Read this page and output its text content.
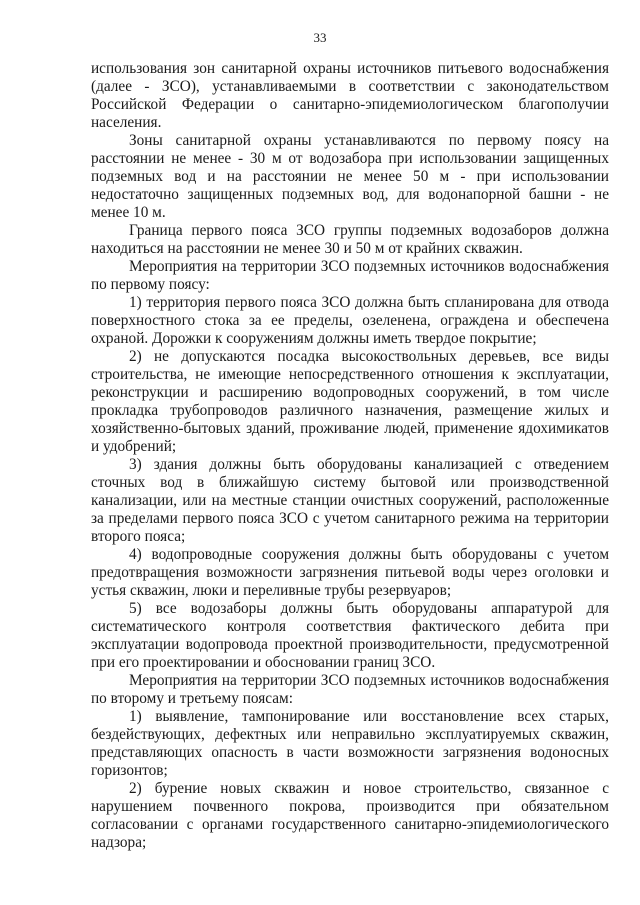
33

использования зон санитарной охраны источников питьевого водоснабжения (далее - ЗСО), устанавливаемыми в соответствии с законодательством Российской Федерации о санитарно-эпидемиологическом благополучии населения.

Зоны санитарной охраны устанавливаются по первому поясу на расстоянии не менее - 30 м от водозабора при использовании защищенных подземных вод и на расстоянии не менее 50 м - при использовании недостаточно защищенных подземных вод, для водонапорной башни - не менее 10 м.

Граница первого пояса ЗСО группы подземных водозаборов должна находиться на расстоянии не менее 30 и 50 м от крайних скважин.

Мероприятия на территории ЗСО подземных источников водоснабжения по первому поясу:

1) территория первого пояса ЗСО должна быть спланирована для отвода поверхностного стока за ее пределы, озеленена, ограждена и обеспечена охраной. Дорожки к сооружениям должны иметь твердое покрытие;

2) не допускаются посадка высокоствольных деревьев, все виды строительства, не имеющие непосредственного отношения к эксплуатации, реконструкции и расширению водопроводных сооружений, в том числе прокладка трубопроводов различного назначения, размещение жилых и хозяйственно-бытовых зданий, проживание людей, применение ядохимикатов и удобрений;

3) здания должны быть оборудованы канализацией с отведением сточных вод в ближайшую систему бытовой или производственной канализации, или на местные станции очистных сооружений, расположенные за пределами первого пояса ЗСО с учетом санитарного режима на территории второго пояса;

4) водопроводные сооружения должны быть оборудованы с учетом предотвращения возможности загрязнения питьевой воды через оголовки и устья скважин, люки и переливные трубы резервуаров;

5) все водозаборы должны быть оборудованы аппаратурой для систематического контроля соответствия фактического дебита при эксплуатации водопровода проектной производительности, предусмотренной при его проектировании и обосновании границ ЗСО.

Мероприятия на территории ЗСО подземных источников водоснабжения по второму и третьему поясам:

1) выявление, тампонирование или восстановление всех старых, бездействующих, дефектных или неправильно эксплуатируемых скважин, представляющих опасность в части возможности загрязнения водоносных горизонтов;

2) бурение новых скважин и новое строительство, связанное с нарушением почвенного покрова, производится при обязательном согласовании с органами государственного санитарно-эпидемиологического надзора;
